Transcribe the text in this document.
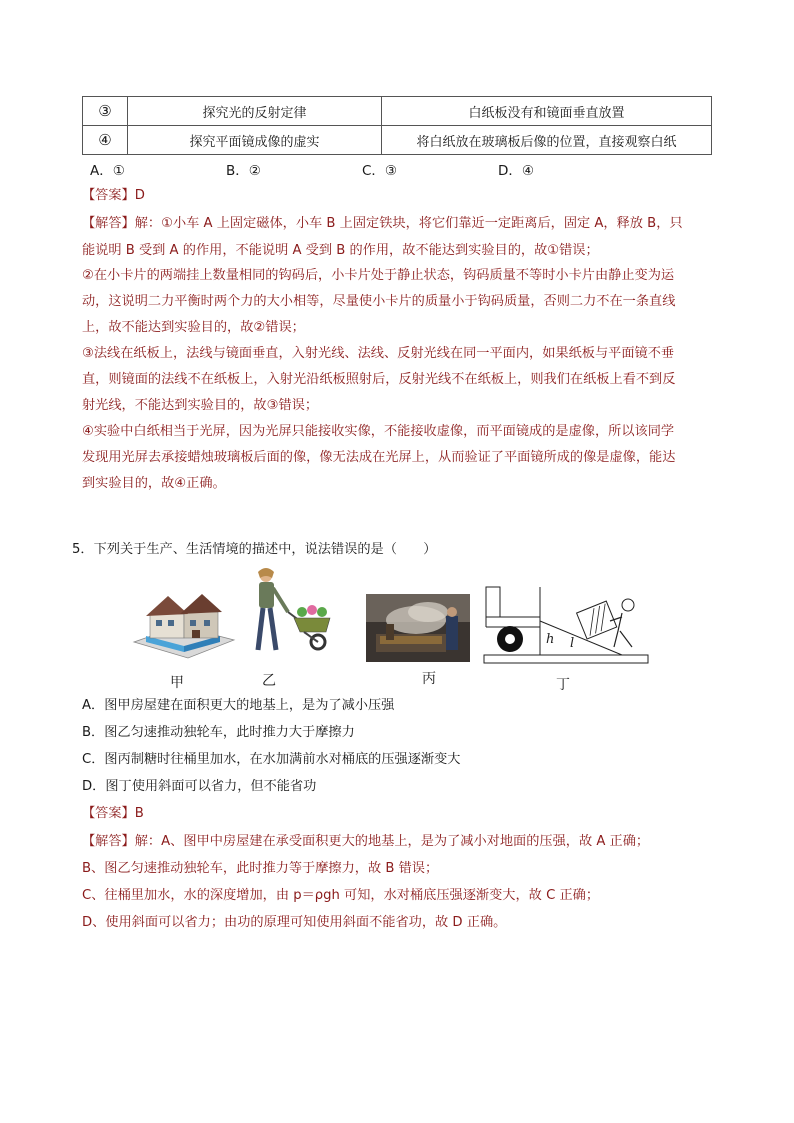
③	探究光的反射定律	白纸板没有和镜面垂直放置
④	探究平面镜成像的虚实	将白纸放在玻璃板后像的位置，直接观察白纸
A．①	B．②	C．③	D．④
【答案】D
【解答】解：①小车 A 上固定磁体，小车 B 上固定铁块，将它们靠近一定距离后，固定 A，释放 B，只
能说明 B 受到 A 的作用，不能说明 A 受到 B 的作用，故不能达到实验目的，故①错误；
②在小卡片的两端挂上数量相同的钩码后，小卡片处于静止状态，钩码质量不等时小卡片由静止变为运
动，这说明二力平衡时两个力的大小相等，尽量使小卡片的质量小于钩码质量，否则二力不在一条直线
上，故不能达到实验目的，故②错误；
③法线在纸板上，法线与镜面垂直，入射光线、法线、反射光线在同一平面内，如果纸板与平面镜不垂
直，则镜面的法线不在纸板上，入射光沿纸板照射后，反射光线不在纸板上，则我们在纸板上看不到反
射光线，不能达到实验目的，故③错误；
④实验中白纸相当于光屏，因为光屏只能接收实像，不能接收虚像，而平面镜成的是虚像，所以该同学
发现用光屏去承接蜡烛玻璃板后面的像，像无法成在光屏上，从而验证了平面镜所成的像是虚像，能达
到实验目的，故④正确。
5．下列关于生产、生活情境的描述中，说法错误的是（　　）
甲	乙	丙
h l
丁
A．图甲房屋建在面积更大的地基上，是为了减小压强
B．图乙匀速推动独轮车，此时推力大于摩擦力
C．图丙制糖时往桶里加水，在水加满前水对桶底的压强逐渐变大
D．图丁使用斜面可以省力，但不能省功
【答案】B
【解答】解：A、图甲中房屋建在承受面积更大的地基上，是为了减小对地面的压强，故 A 正确；
B、图乙匀速推动独轮车，此时推力等于摩擦力，故 B 错误；
C、往桶里加水，水的深度增加，由 p＝ρgh 可知，水对桶底压强逐渐变大，故 C 正确；
D、使用斜面可以省力；由功的原理可知使用斜面不能省功，故 D 正确。
